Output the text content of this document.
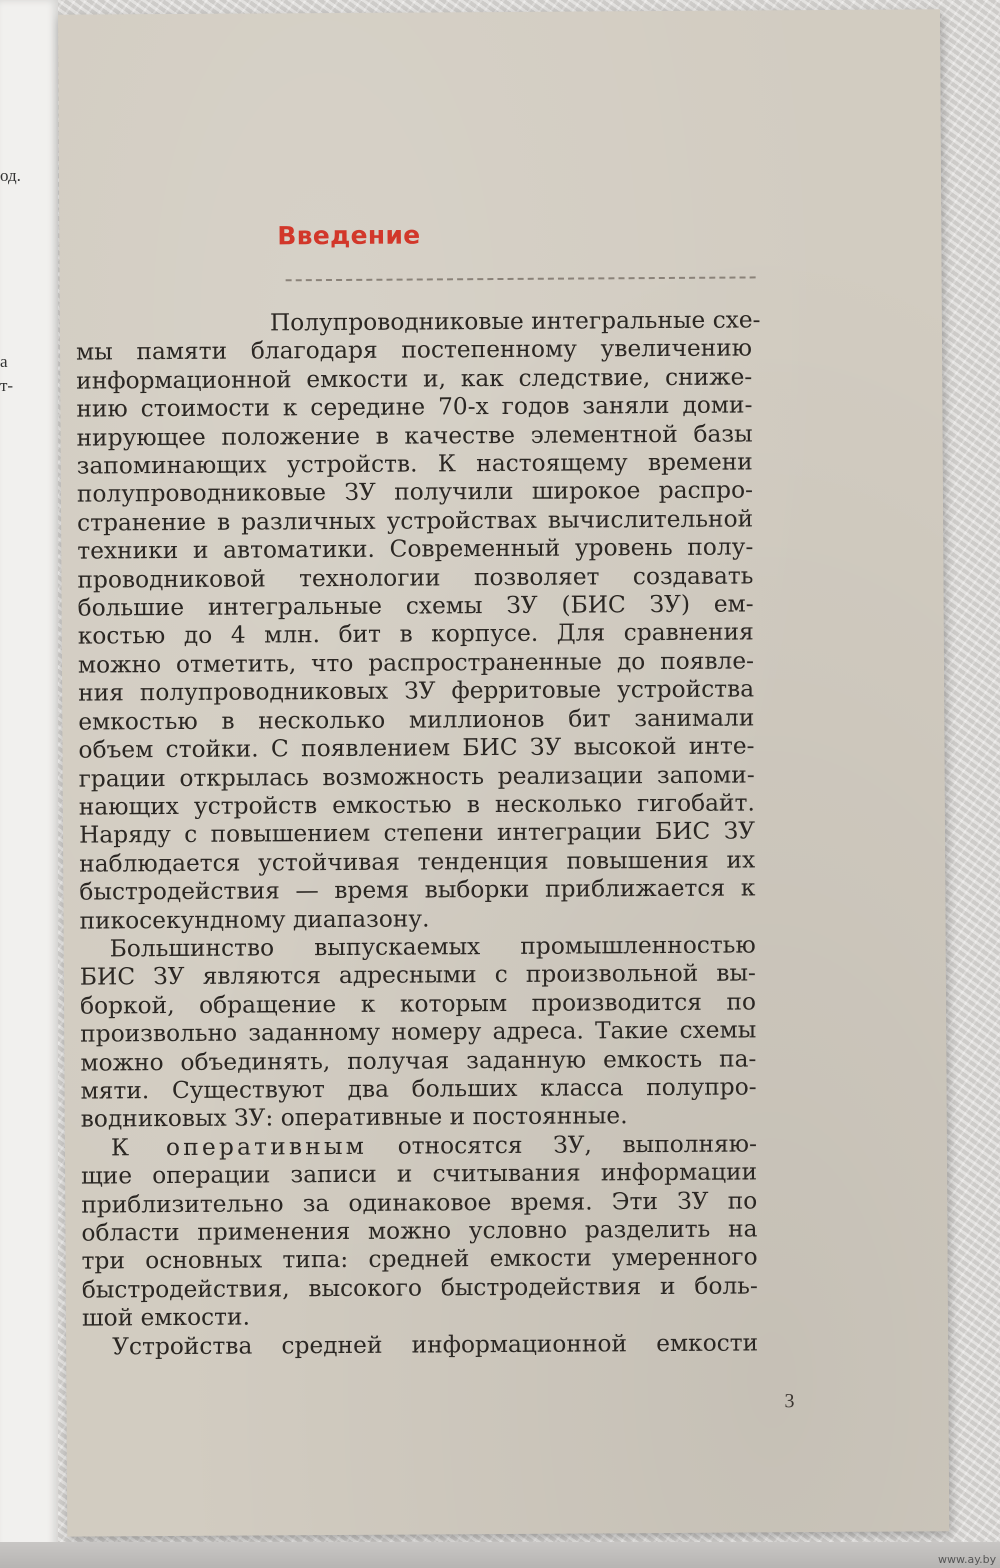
од.
а
т-
Введение
Полупроводниковые интегральные схе-
мы памяти благодаря постепенному увеличению
информационной емкости и, как следствие, сниже-
нию стоимости к середине 70-х годов заняли доми-
нирующее положение в качестве элементной базы
запоминающих устройств. К настоящему времени
полупроводниковые ЗУ получили широкое распро-
странение в различных устройствах вычислительной
техники и автоматики. Современный уровень полу-
проводниковой технологии позволяет создавать
большие интегральные схемы ЗУ (БИС ЗУ) ем-
костью до 4 млн. бит в корпусе. Для сравнения
можно отметить, что распространенные до появле-
ния полупроводниковых ЗУ ферритовые устройства
емкостью в несколько миллионов бит занимали
объем стойки. С появлением БИС ЗУ высокой инте-
грации открылась возможность реализации запоми-
нающих устройств емкостью в несколько гигобайт.
Наряду с повышением степени интеграции БИС ЗУ
наблюдается устойчивая тенденция повышения их
быстродействия — время выборки приближается к
пикосекундному диапазону.
Большинство выпускаемых промышленностью
БИС ЗУ являются адресными с произвольной вы-
боркой, обращение к которым производится по
произвольно заданному номеру адреса. Такие схемы
можно объединять, получая заданную емкость па-
мяти. Существуют два больших класса полупро-
водниковых ЗУ: оперативные и постоянные.
К оперативным относятся ЗУ, выполняю-
щие операции записи и считывания информации
приблизительно за одинаковое время. Эти ЗУ по
области применения можно условно разделить на
три основных типа: средней емкости умеренного
быстродействия, высокого быстродействия и боль-
шой емкости.
Устройства средней информационной емкости

3

www.ay.by
